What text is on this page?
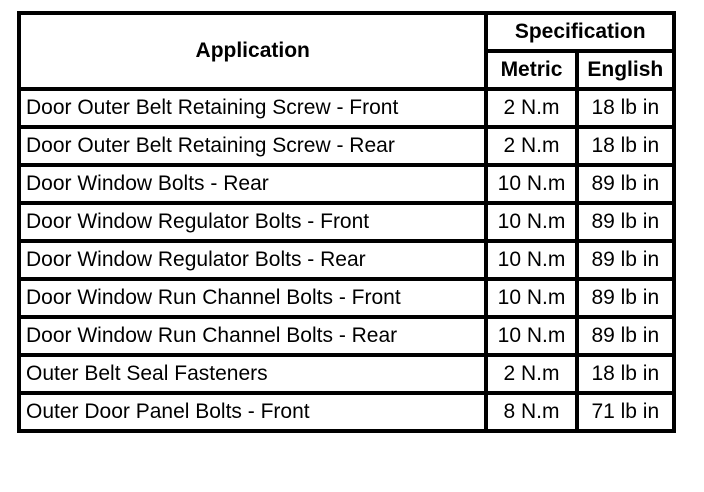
Application	Specification	
	Metric	English
Door Outer Belt Retaining Screw - Front	2 N.m	18 lb in
Door Outer Belt Retaining Screw - Rear	2 N.m	18 lb in
Door Window Bolts - Rear	10 N.m	89 lb in
Door Window Regulator Bolts - Front	10 N.m	89 lb in
Door Window Regulator Bolts - Rear	10 N.m	89 lb in
Door Window Run Channel Bolts - Front	10 N.m	89 lb in
Door Window Run Channel Bolts - Rear	10 N.m	89 lb in
Outer Belt Seal Fasteners	2 N.m	18 lb in
Outer Door Panel Bolts - Front	8 N.m	71 lb in
